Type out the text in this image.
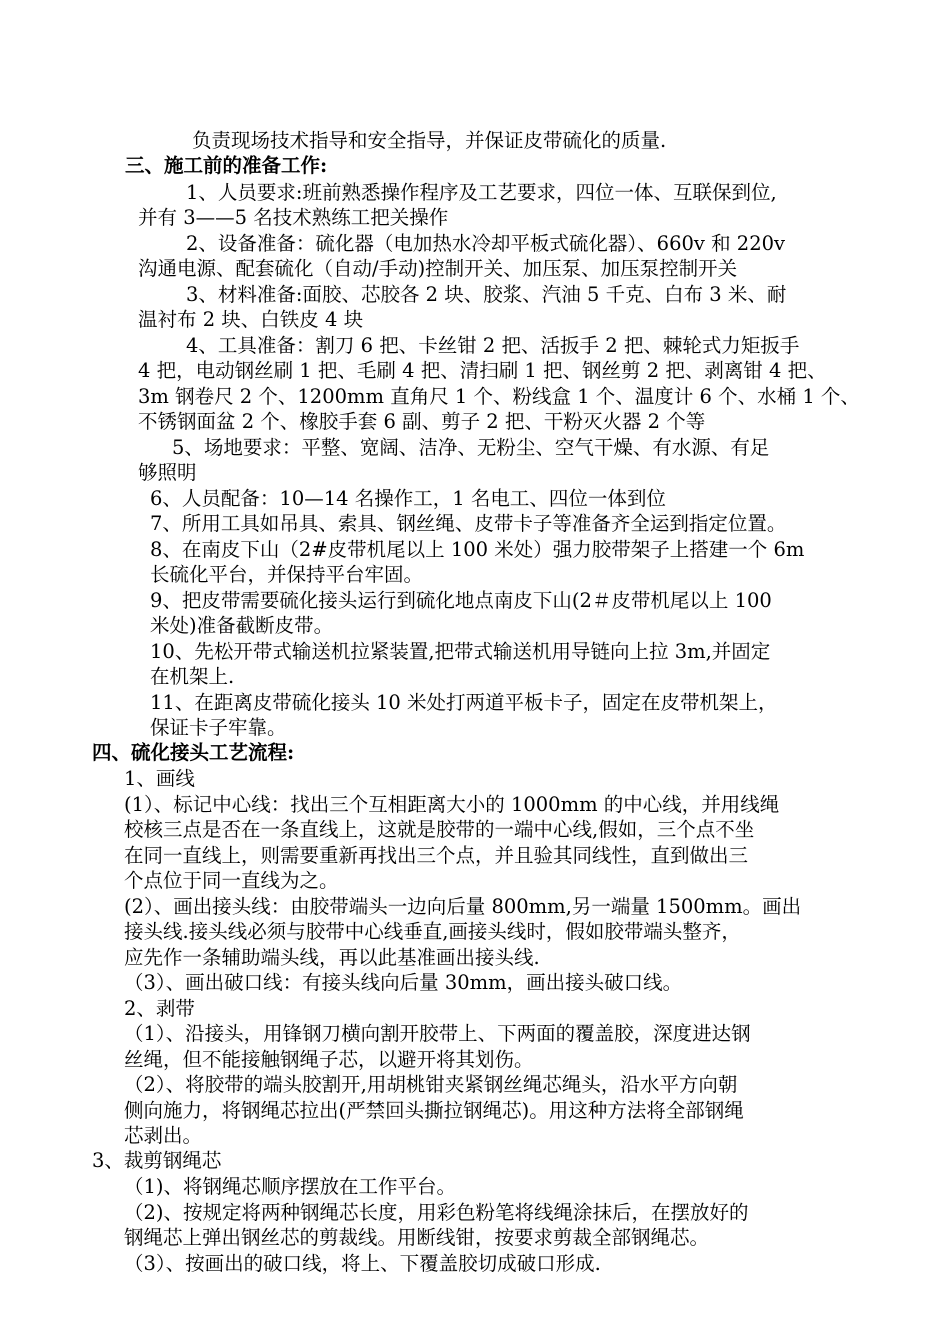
负责现场技术指导和安全指导，并保证皮带硫化的质量.
三、施工前的准备工作:
1、人员要求:班前熟悉操作程序及工艺要求，四位一体、互联保到位,
并有 3——5 名技术熟练工把关操作
2、设备准备：硫化器（电加热水冷却平板式硫化器）、660v 和 220v
沟通电源、配套硫化（自动/手动)控制开关、加压泵、加压泵控制开关
3、材料准备:面胶、芯胶各 2 块、胶浆、汽油 5 千克、白布 3 米、耐
温衬布 2 块、白铁皮 4 块
4、工具准备：割刀 6 把、卡丝钳 2 把、活扳手 2 把、棘轮式力矩扳手
4 把，电动钢丝刷 1 把、毛刷 4 把、清扫刷 1 把、钢丝剪 2 把、剥离钳 4 把、
3m 钢卷尺 2 个、1200mm 直角尺 1 个、粉线盒 1 个、温度计 6 个、水桶 1 个、
不锈钢面盆 2 个、橡胶手套 6 副、剪子 2 把、干粉灭火器 2 个等
5、场地要求：平整、宽阔、洁净、无粉尘、空气干燥、有水源、有足
够照明
6、人员配备：10—14 名操作工，1 名电工、四位一体到位
7、所用工具如吊具、索具、钢丝绳、皮带卡子等准备齐全运到指定位置。
8、在南皮下山（2#皮带机尾以上 100 米处）强力胶带架子上搭建一个 6m
长硫化平台，并保持平台牢固。
9、把皮带需要硫化接头运行到硫化地点南皮下山(2＃皮带机尾以上 100
米处)准备截断皮带。
10、先松开带式输送机拉紧装置,把带式输送机用导链向上拉 3m,并固定
在机架上.
11、在距离皮带硫化接头 10 米处打两道平板卡子，固定在皮带机架上，
保证卡子牢靠。
四、硫化接头工艺流程:
1、画线
(1）、标记中心线：找出三个互相距离大小的 1000mm 的中心线，并用线绳
校核三点是否在一条直线上，这就是胶带的一端中心线,假如，三个点不坐
在同一直线上，则需要重新再找出三个点，并且验其同线性，直到做出三
个点位于同一直线为之。
(2）、画出接头线：由胶带端头一边向后量 800mm,另一端量 1500mm。画出
接头线.接头线必须与胶带中心线垂直,画接头线时，假如胶带端头整齐，
应先作一条辅助端头线，再以此基准画出接头线.
（3）、画出破口线：有接头线向后量 30mm，画出接头破口线。
2、剥带
（1）、沿接头，用锋钢刀横向割开胶带上、下两面的覆盖胶，深度进达钢
丝绳，但不能接触钢绳子芯，以避开将其划伤。
（2）、将胶带的端头胶割开,用胡桃钳夹紧钢丝绳芯绳头，沿水平方向朝
侧向施力，将钢绳芯拉出(严禁回头撕拉钢绳芯)。用这种方法将全部钢绳
芯剥出。
3、裁剪钢绳芯
（1)、将钢绳芯顺序摆放在工作平台。
（2)、按规定将两种钢绳芯长度，用彩色粉笔将线绳涂抹后，在摆放好的
钢绳芯上弹出钢丝芯的剪裁线。用断线钳，按要求剪裁全部钢绳芯。
（3）、按画出的破口线，将上、下覆盖胶切成破口形成.
